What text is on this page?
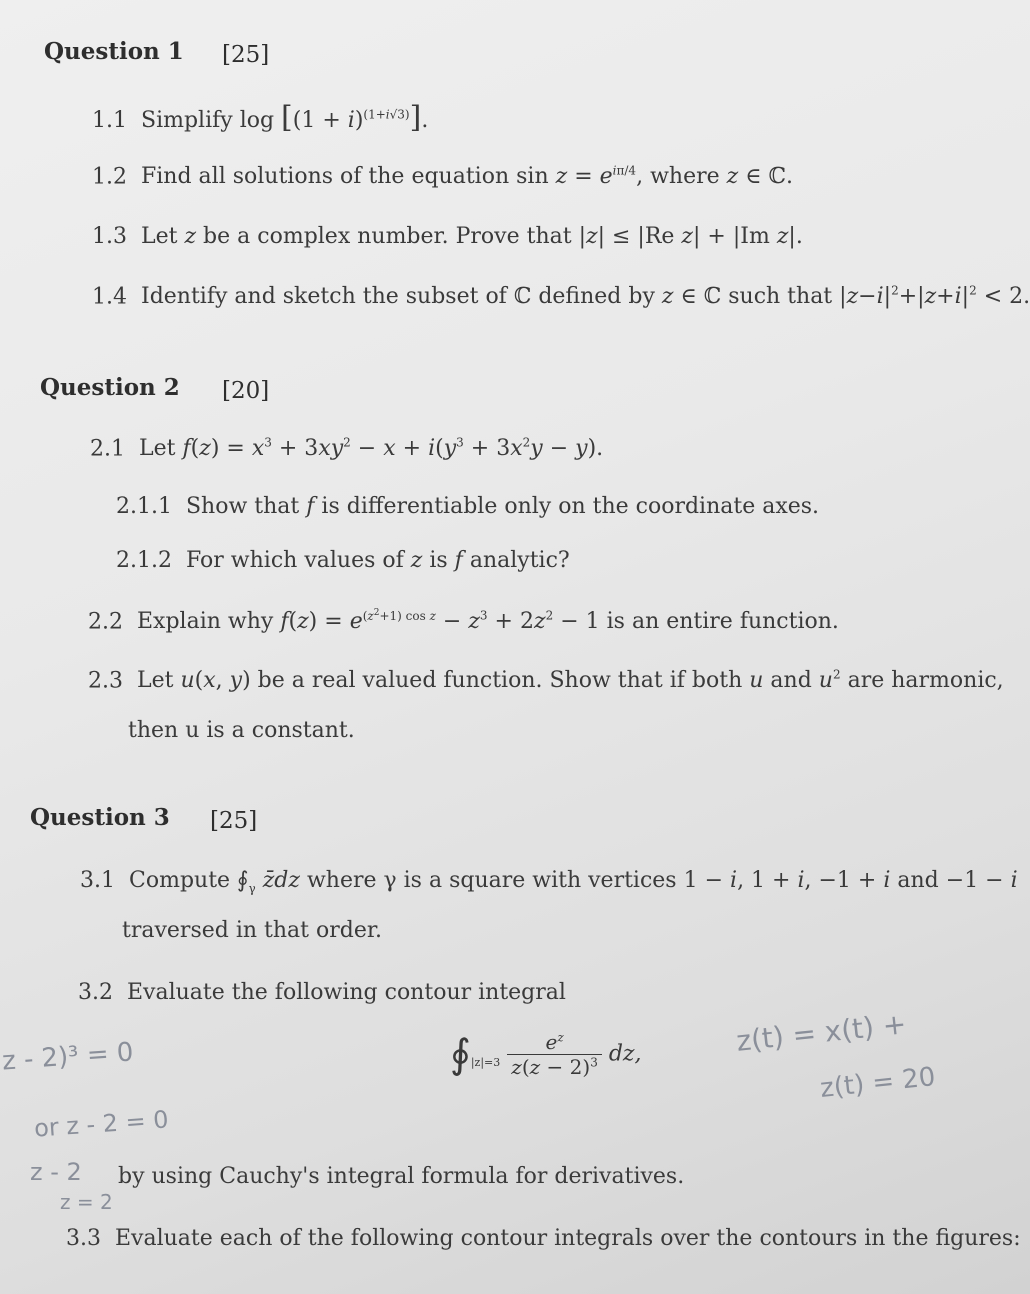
Question 1 [25]
1.1 Simplify $\log [(1 + i)^{(1+i√3)}]$.
1.2 Find all solutions of the equation $\sin z = e^{i\pi/4}$, where z ∈ ℂ.
1.3 Let z be a complex number. Prove that |z| ≤ |Re z| + |Im z|.
1.4 Identify and sketch the subset of ℂ defined by z ∈ ℂ such that $|z-i|^2+|z+i|^2 < 2$.
Question 2 [20]
2.1 Let $f(z) = x^3 + 3xy^2 - x + i(y^3 + 3x^2y - y)$.
2.1.1 Show that f is differentiable only on the coordinate axes.
2.1.2 For which values of z is f analytic?
2.2 Explain why $f(z) = e^{(z^2+1) cos z} - z^3 + 2z^2 - 1$ is an entire function.
2.3 Let u(x, y) be a real valued function. Show that if both u and $u^2$ are harmonic,
then u is a constant.
Question 3 [25]
3.1 Compute $∮_\gamma$ z̄dz where γ is a square with vertices 1 − i, 1 + i, −1 + i and −1 − i
traversed in that order.
3.2 Evaluate the following contour integral
$∮_{|z|=3} \frac{e^z}{z(z - 2)^3}$ dz,
by using Cauchy's integral formula for derivatives.
3.3 Evaluate each of the following contour integrals over the contours in the figures:
z - 2)³ = 0
or z - 2 = 0
z - 2
z = 2
z(t) = x(t) +
z(t) = 20
